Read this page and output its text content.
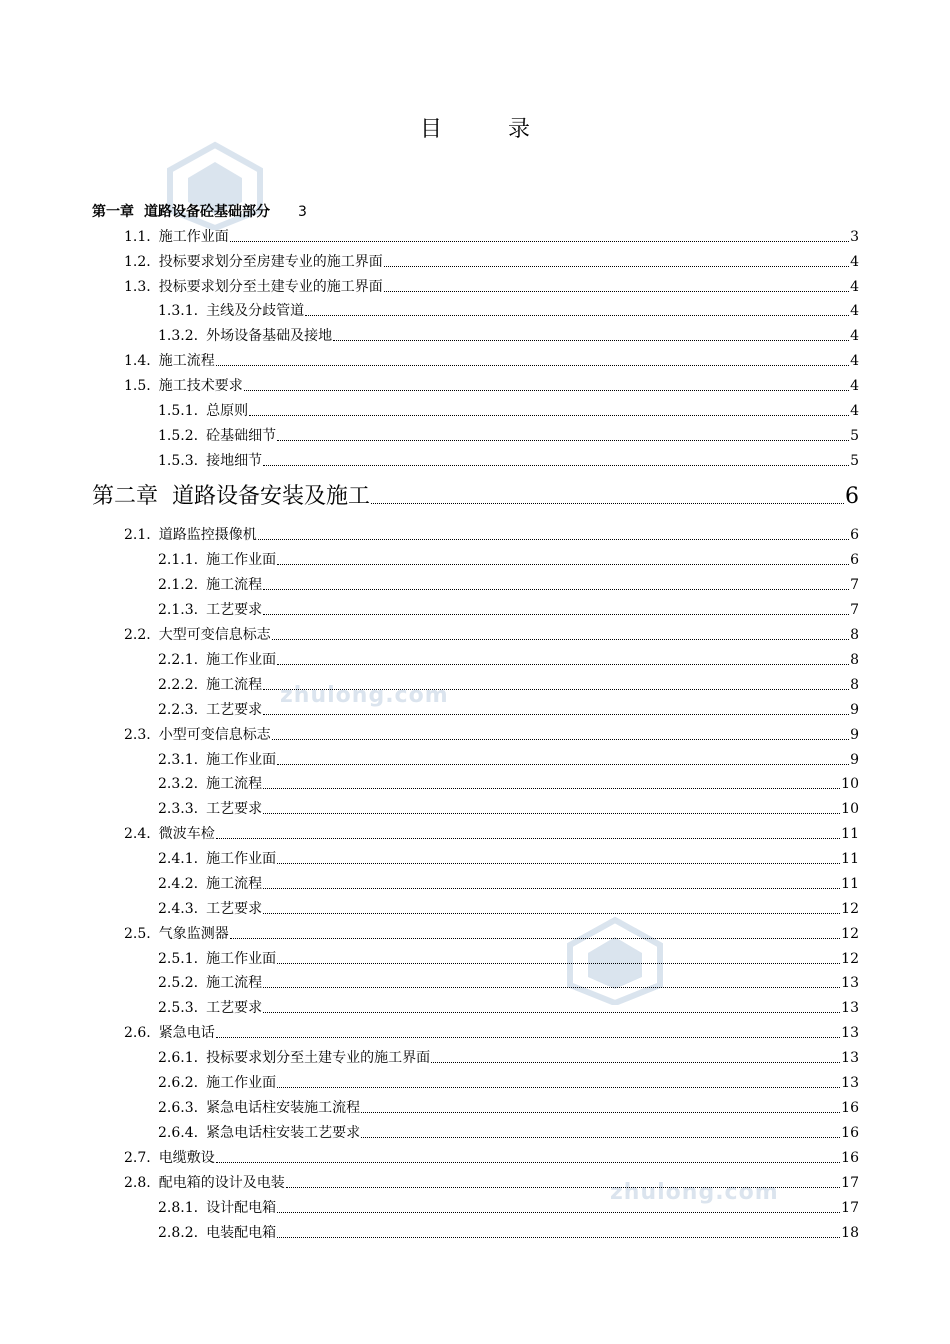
zhulong.com
zhulong.com
目　录
第一章 道路设备砼基础部分 3
1.1. 施工作业面	3
1.2. 投标要求划分至房建专业的施工界面	4
1.3. 投标要求划分至土建专业的施工界面	4
1.3.1. 主线及分歧管道	4
1.3.2. 外场设备基础及接地	4
1.4. 施工流程	4
1.5. 施工技术要求	4
1.5.1. 总原则	4
1.5.2. 砼基础细节	5
1.5.3. 接地细节	5
第二章 道路设备安装及施工	6
2.1. 道路监控摄像机	6
2.1.1. 施工作业面	6
2.1.2. 施工流程	7
2.1.3. 工艺要求	7
2.2. 大型可变信息标志	8
2.2.1. 施工作业面	8
2.2.2. 施工流程	8
2.2.3. 工艺要求	9
2.3. 小型可变信息标志	9
2.3.1. 施工作业面	9
2.3.2. 施工流程	10
2.3.3. 工艺要求	10
2.4. 微波车检	11
2.4.1. 施工作业面	11
2.4.2. 施工流程	11
2.4.3. 工艺要求	12
2.5. 气象监测器	12
2.5.1. 施工作业面	12
2.5.2. 施工流程	13
2.5.3. 工艺要求	13
2.6. 紧急电话	13
2.6.1. 投标要求划分至土建专业的施工界面	13
2.6.2. 施工作业面	13
2.6.3. 紧急电话柱安装施工流程	16
2.6.4. 紧急电话柱安装工艺要求	16
2.7. 电缆敷设	16
2.8. 配电箱的设计及电装	17
2.8.1. 设计配电箱	17
2.8.2. 电装配电箱	18
